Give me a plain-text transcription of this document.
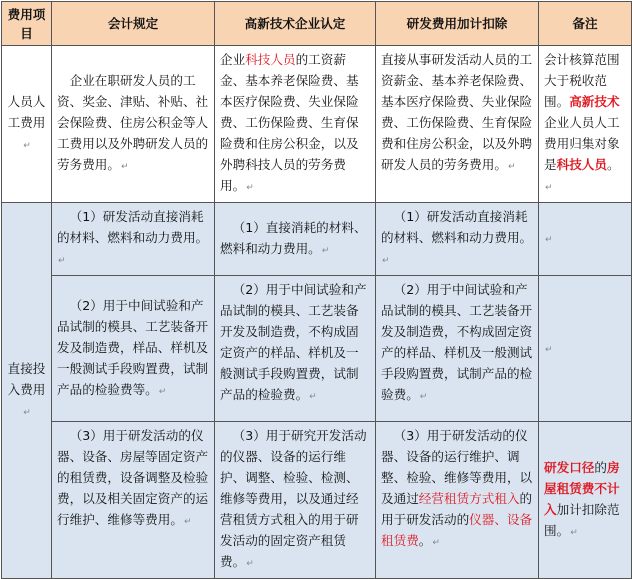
费用项目	会计规定	高新技术企业认定	研发费用加计扣除	备注
人员人工费用↵	企业在职研发人员的工资、奖金、津贴、补贴、社会保险费、住房公积金等人工费用以及外聘研发人员的劳务费用。↵	企业科技人员的工资薪金、基本养老保险费、基本医疗保险费、失业保险费、工伤保险费、生育保险费和住房公积金，以及外聘科技人员的劳务费用。↵	直接从事研发活动人员的工资薪金、基本养老保险费、基本医疗保险费、失业保险费、工伤保险费、生育保险费和住房公积金，以及外聘研发人员的劳务费用。↵	会计核算范围大于税收范围。高新技术企业人员人工费用归集对象是科技人员。↵

直接投入费用↵	（1）研发活动直接消耗的材料、燃料和动力费用。↵	（1）直接消耗的材料、燃料和动力费用。↵	（1）研发活动直接消耗的材料、燃料和动力费用。↵	↵

	（2）用于中间试验和产品试制的模具、工艺装备开发及制造费，样品、样机及一般测试手段购置费，试制产品的检验费等。↵	（2）用于中间试验和产品试制的模具、工艺装备开发及制造费，不构成固定资产的样品、样机及一般测试手段购置费，试制产品的检验费。↵	（2）用于中间试验和产品试制的模具、工艺装备开发及制造费，不构成固定资产的样品、样机及一般测试手段购置费，试制产品的检验费。↵	↵

	（3）用于研发活动的仪器、设备、房屋等固定资产的租赁费，设备调整及检验费，以及相关固定资产的运行维护、维修等费用。↵	（3）用于研究开发活动的仪器、设备的运行维护、调整、检验、检测、维修等费用，以及通过经营租赁方式租入的用于研发活动的固定资产租赁费。↵	（3）用于研发活动的仪器、设备的运行维护、调整、检验、维修等费用，以及通过经营租赁方式租入的用于研发活动的仪器、设备租赁费。↵	研发口径的房屋租赁费不计入加计扣除范围。↵
